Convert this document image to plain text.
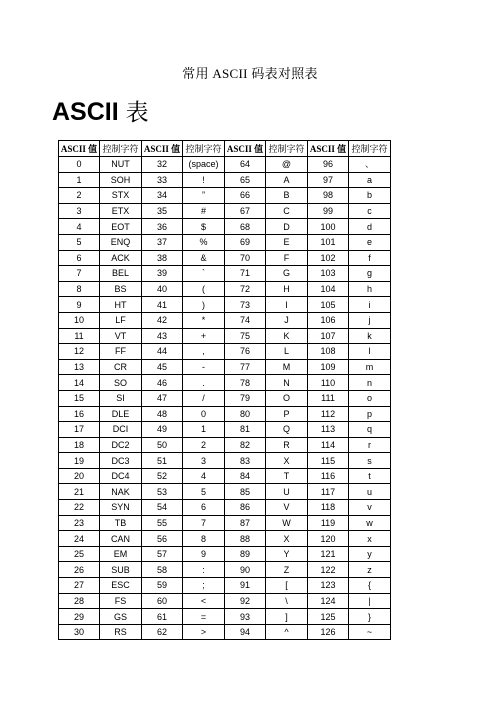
常用 ASCII 码表对照表
ASCII 表
ASCII 值	控制字符	ASCII 值	控制字符	ASCII 值	控制字符	ASCII 值	控制字符
0	NUT	32	(space)	64	@	96	、
1	SOH	33	!	65	A	97	a
2	STX	34	”	66	B	98	b
3	ETX	35	#	67	C	99	c
4	EOT	36	$	68	D	100	d
5	ENQ	37	%	69	E	101	e
6	ACK	38	&	70	F	102	f
7	BEL	39	`	71	G	103	g
8	BS	40	(	72	H	104	h
9	HT	41	)	73	I	105	i
10	LF	42	*	74	J	106	j
11	VT	43	+	75	K	107	k
12	FF	44	,	76	L	108	l
13	CR	45	-	77	M	109	m
14	SO	46	.	78	N	110	n
15	SI	47	/	79	O	111	o
16	DLE	48	0	80	P	112	p
17	DCI	49	1	81	Q	113	q
18	DC2	50	2	82	R	114	r
19	DC3	51	3	83	X	115	s
20	DC4	52	4	84	T	116	t
21	NAK	53	5	85	U	117	u
22	SYN	54	6	86	V	118	v
23	TB	55	7	87	W	119	w
24	CAN	56	8	88	X	120	x
25	EM	57	9	89	Y	121	y
26	SUB	58	:	90	Z	122	z
27	ESC	59	;	91	[	123	{
28	FS	60	<	92	\	124	|
29	GS	61	=	93	]	125	}
30	RS	62	>	94	^	126	~
